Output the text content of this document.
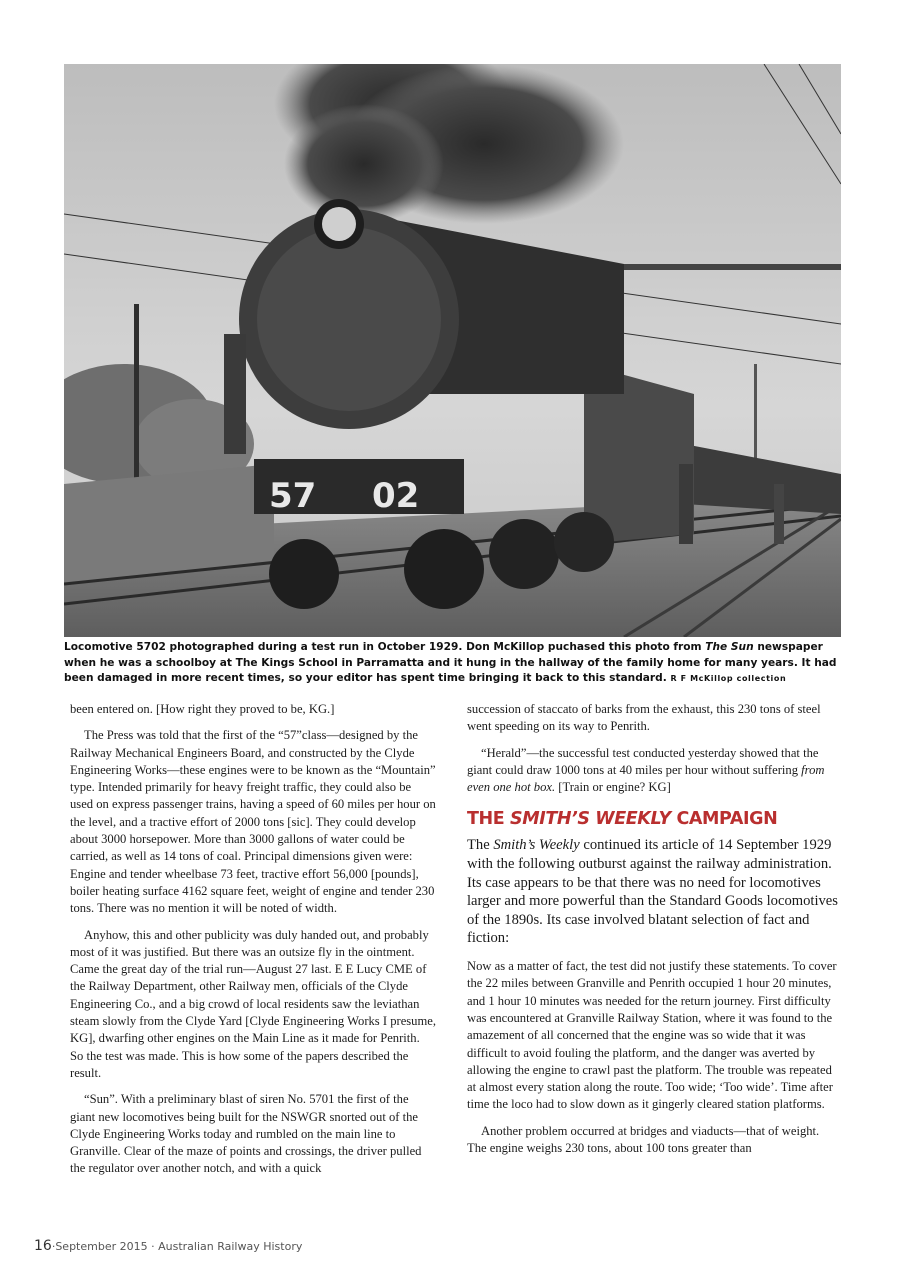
57 02
Locomotive 5702 photographed during a test run in October 1929. Don McKillop puchased this photo from The Sun newspaper when he was a schoolboy at The Kings School in Parramatta and it hung in the hallway of the family home for many years. It had been damaged in more recent times, so your editor has spent time bringing it back to this standard. R F McKillop collection

been entered on. [How right they proved to be, KG.]

The Press was told that the first of the “57”class—designed by the Railway Mechanical Engineers Board, and constructed by the Clyde Engineering Works—these engines were to be known as the “Mountain” type. Intended primarily for heavy freight traffic, they could also be used on express passenger trains, having a speed of 60 miles per hour on the level, and a tractive effort of 2000 tons [sic]. They could develop about 3000 horsepower. More than 3000 gallons of water could be carried, as well as 14 tons of coal. Principal dimensions given were: Engine and tender wheelbase 73 feet, tractive effort 56,000 [pounds], boiler heating surface 4162 square feet, weight of engine and tender 230 tons. There was no mention it will be noted of width.

Anyhow, this and other publicity was duly handed out, and probably most of it was justified. But there was an outsize fly in the ointment. Came the great day of the trial run—August 27 last. E E Lucy CME of the Railway Department, other Railway men, officials of the Clyde Engineering Co., and a big crowd of local residents saw the leviathan steam slowly from the Clyde Yard [Clyde Engineering Works I presume, KG], dwarfing other engines on the Main Line as it made for Penrith. So the test was made. This is how some of the papers described the result.

“Sun”. With a preliminary blast of siren No. 5701 the first of the giant new locomotives being built for the NSWGR snorted out of the Clyde Engineering Works today and rumbled on the main line to Granville. Clear of the maze of points and crossings, the driver pulled the regulator over another notch, and with a quick

succession of staccato of barks from the exhaust, this 230 tons of steel went speeding on its way to Penrith.

“Herald”—the successful test conducted yesterday showed that the giant could draw 1000 tons at 40 miles per hour without suffering from even one hot box. [Train or engine? KG]

THE SMITH’S WEEKLY CAMPAIGN

The Smith’s Weekly continued its article of 14 September 1929 with the following outburst against the railway administration. Its case appears to be that there was no need for locomotives larger and more powerful than the Standard Goods locomotives of the 1890s. Its case involved blatant selection of fact and fiction:

Now as a matter of fact, the test did not justify these statements. To cover the 22 miles between Granville and Penrith occupied 1 hour 20 minutes, and 1 hour 10 minutes was needed for the return journey. First difficulty was encountered at Granville Railway Station, where it was found to the amazement of all concerned that the engine was so wide that it was difficult to avoid fouling the platform, and the danger was averted by allowing the engine to crawl past the platform. The trouble was repeated at almost every station along the route. Too wide; ‘Too wide’. Time after time the loco had to slow down as it gingerly cleared station platforms.

Another problem occurred at bridges and viaducts—that of weight. The engine weighs 230 tons, about 100 tons greater than

16·September 2015 · Australian Railway History
